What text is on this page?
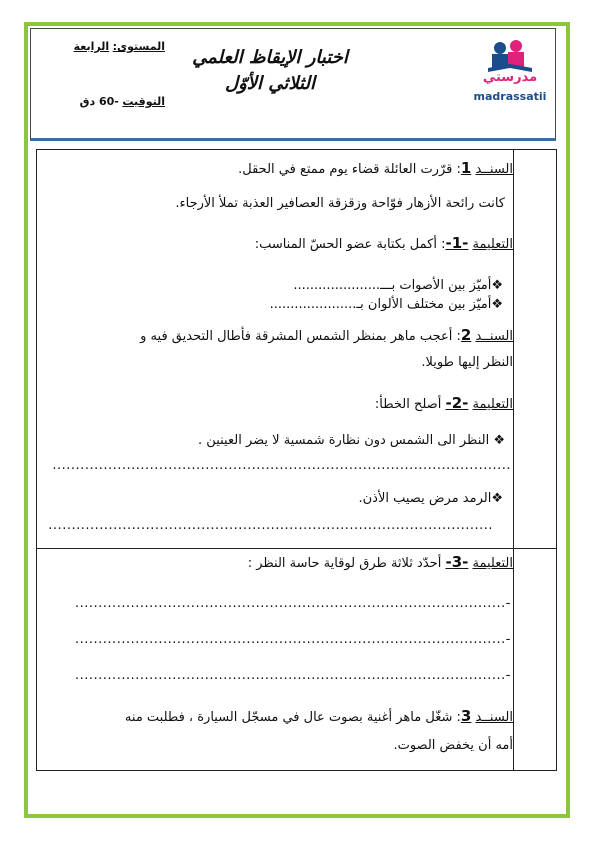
مدرستي
madrassatii
اختبار الإيقاظ العلمي
الثلاثي الأوّل
المستوى: الرابعة
التوقيت -60 دق
السنــد 1: قرّرت العائلة قضاء يوم ممتع في الحقل.
كانت رائحة الأزهار فوّاحة وزقزقة العصافير العذبة تملأ الأرجاء.
التعليمة -1-: أكمل بكتابة عضو الحسّ المناسب:
❖أميّز بين الأصوات بـــ.....................
❖أميّز بين مختلف الألوان بـ.....................
السنــد 2: أعجب ماهر بمنظر الشمس المشرقة فأطال التحديق فيه و
النظر إليها طويلا.
التعليمة -2- أصلح الخطأ:
❖ النظر الى الشمس دون نظارة شمسية لا يضر العينين .
...................................................................................................
❖الرمد مرض يصيب الأذن.
................................................................................................
التعليمة -3- أحدّد ثلاثة طرق لوقاية حاسة النظر :
-.............................................................................................
-.............................................................................................
-.............................................................................................
السنــد 3: شغّل ماهر أغنية بصوت عال في مسجّل السيارة ، فطلبت منه
أمه أن يخفض الصوت.
